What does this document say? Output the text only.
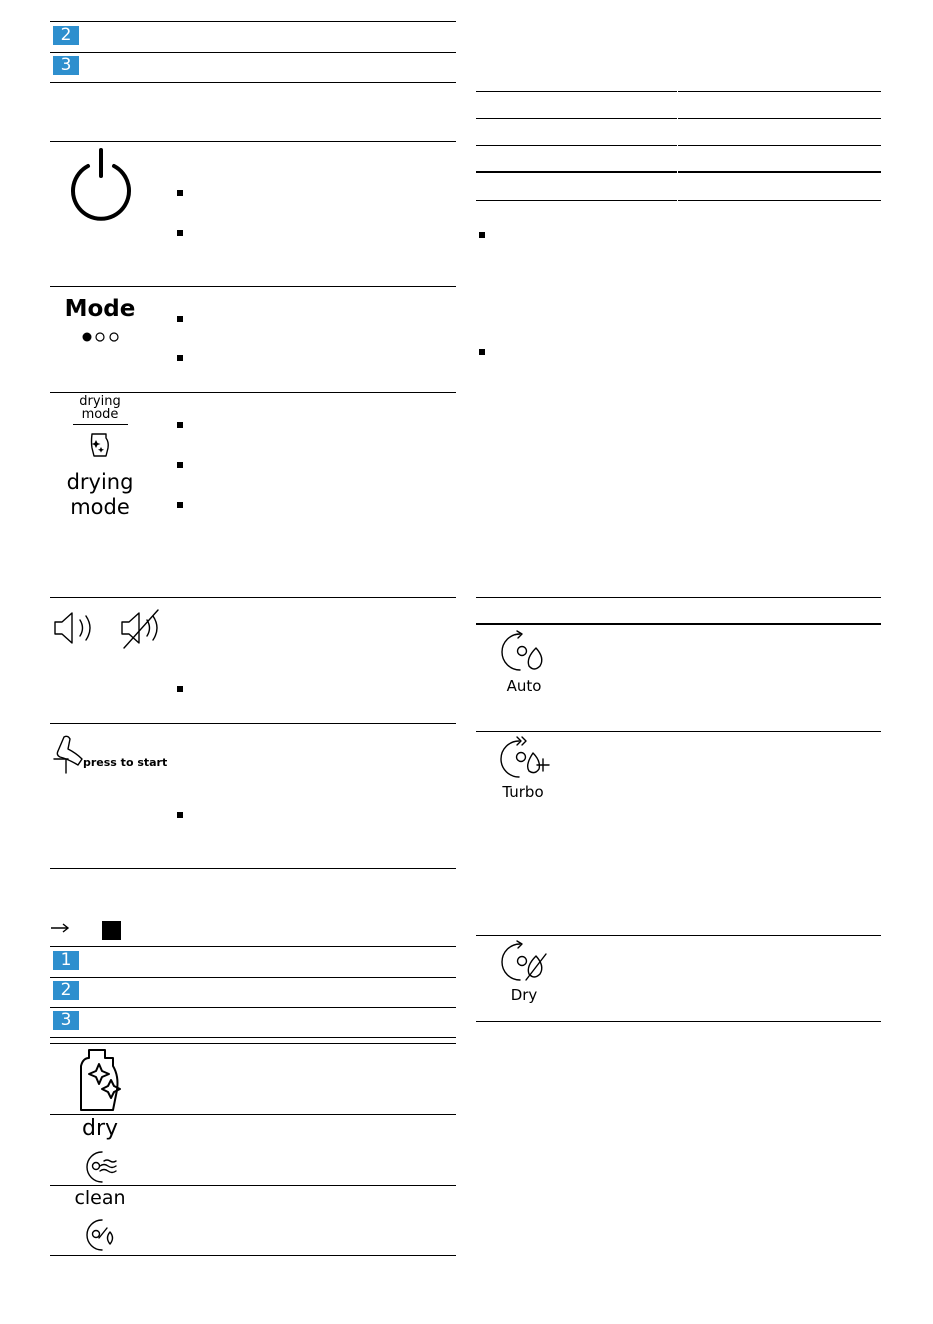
2
3
Mode
drying
mode
drying
mode
press to start
1
2
3
dry
clean
Auto
Turbo
Dry
